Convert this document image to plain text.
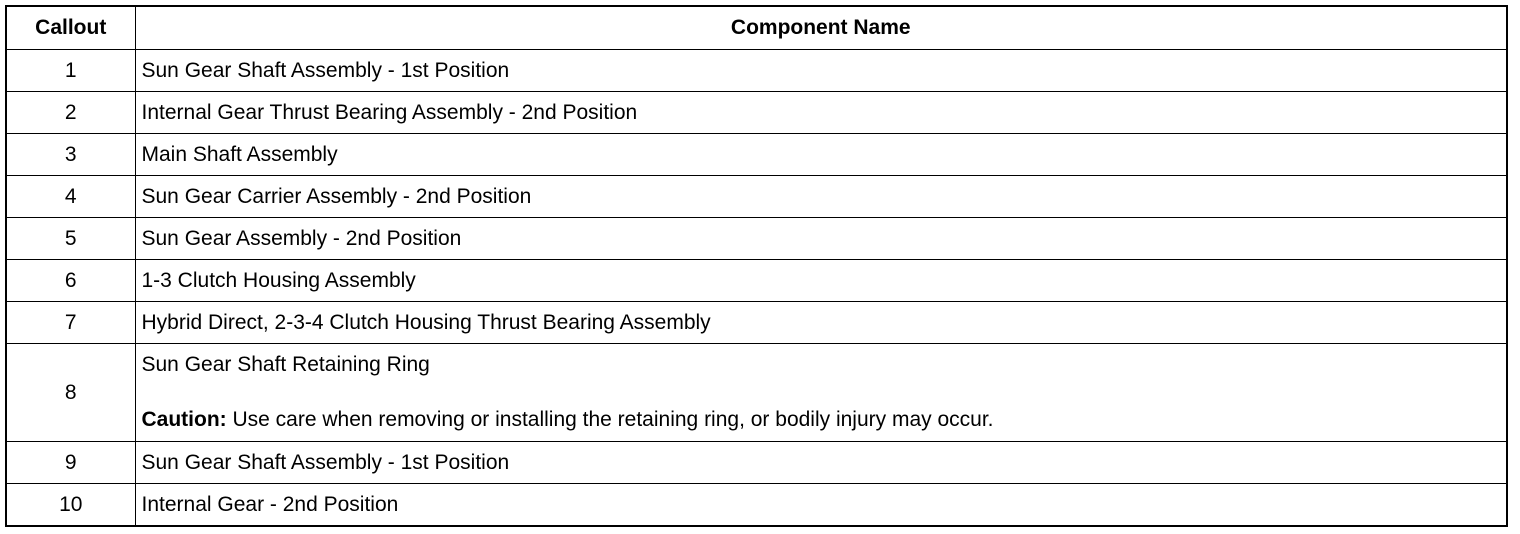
Callout	Component Name
1	Sun Gear Shaft Assembly - 1st Position
2	Internal Gear Thrust Bearing Assembly - 2nd Position
3	Main Shaft Assembly
4	Sun Gear Carrier Assembly - 2nd Position
5	Sun Gear Assembly - 2nd Position
6	1-3 Clutch Housing Assembly
7	Hybrid Direct, 2-3-4 Clutch Housing Thrust Bearing Assembly
8	Sun Gear Shaft Retaining Ring
Caution: Use care when removing or installing the retaining ring, or bodily injury may occur.

9	Sun Gear Shaft Assembly - 1st Position
10	Internal Gear - 2nd Position
